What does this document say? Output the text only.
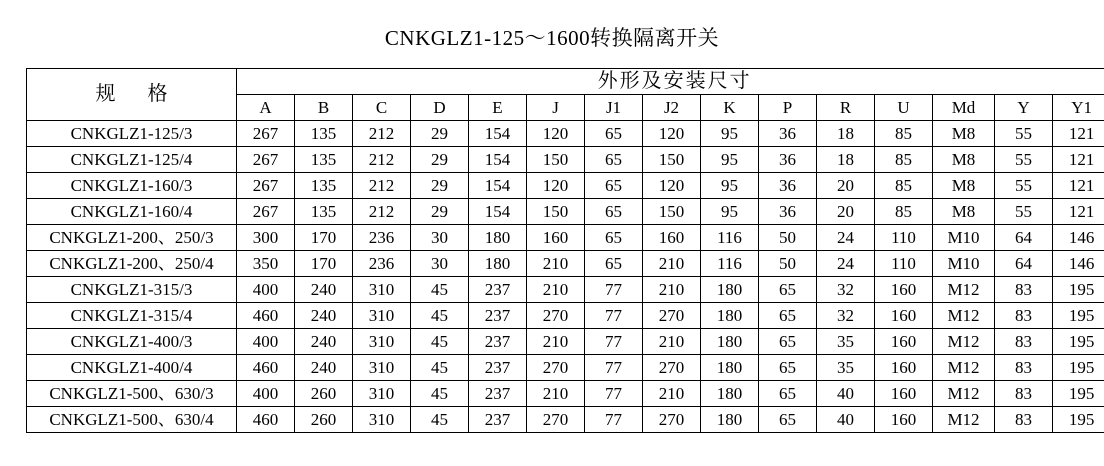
CNKGLZ1-125～1600转换隔离开关
规　格	外形及安装尺寸														
	A	B	C	D	E	J	J1	J2	K	P	R	U	Md	Y	Y1
CNKGLZ1-125/3	267	135	212	29	154	120	65	120	95	36	18	85	M8	55	121
CNKGLZ1-125/4	267	135	212	29	154	150	65	150	95	36	18	85	M8	55	121
CNKGLZ1-160/3	267	135	212	29	154	120	65	120	95	36	20	85	M8	55	121
CNKGLZ1-160/4	267	135	212	29	154	150	65	150	95	36	20	85	M8	55	121
CNKGLZ1-200、250/3	300	170	236	30	180	160	65	160	116	50	24	110	M10	64	146
CNKGLZ1-200、250/4	350	170	236	30	180	210	65	210	116	50	24	110	M10	64	146
CNKGLZ1-315/3	400	240	310	45	237	210	77	210	180	65	32	160	M12	83	195
CNKGLZ1-315/4	460	240	310	45	237	270	77	270	180	65	32	160	M12	83	195
CNKGLZ1-400/3	400	240	310	45	237	210	77	210	180	65	35	160	M12	83	195
CNKGLZ1-400/4	460	240	310	45	237	270	77	270	180	65	35	160	M12	83	195
CNKGLZ1-500、630/3	400	260	310	45	237	210	77	210	180	65	40	160	M12	83	195
CNKGLZ1-500、630/4	460	260	310	45	237	270	77	270	180	65	40	160	M12	83	195
